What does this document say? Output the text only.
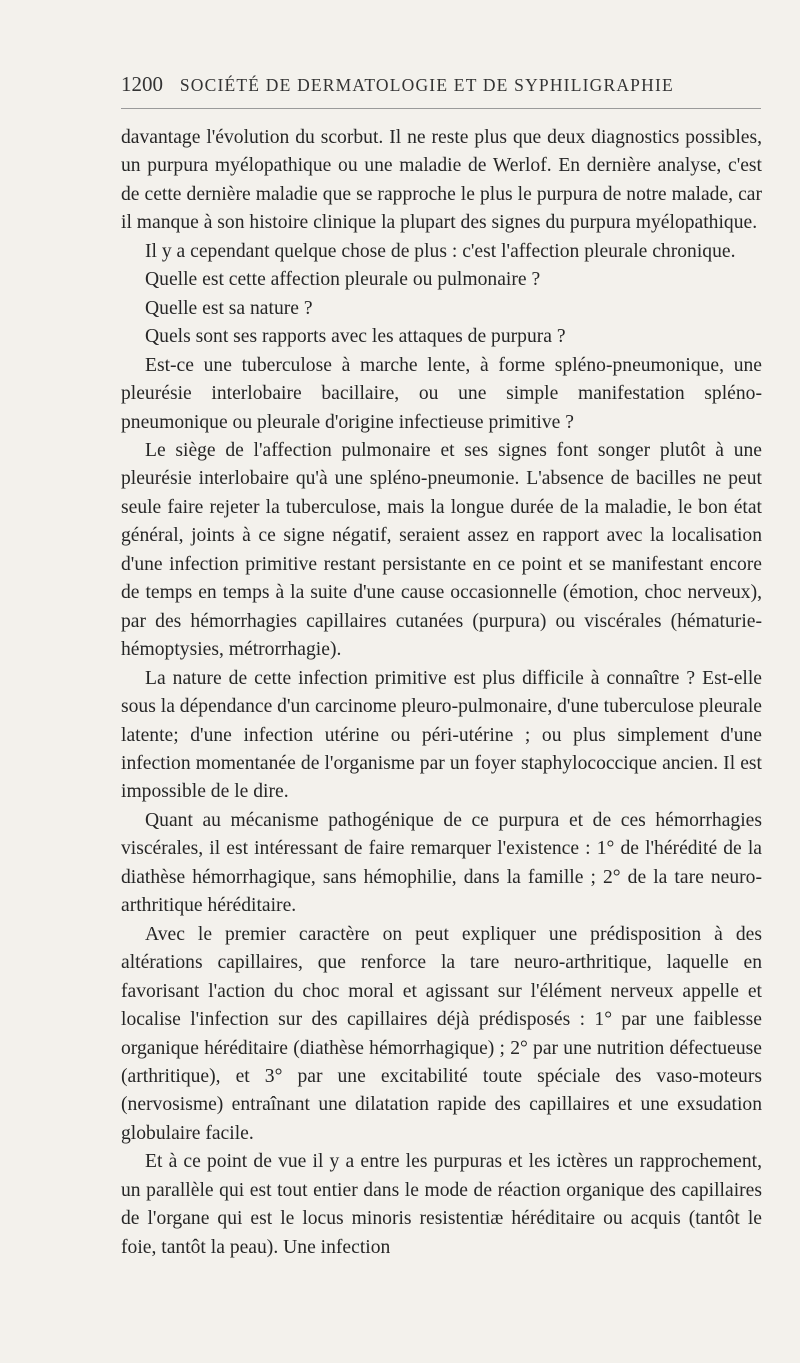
1200 SOCIÉTÉ DE DERMATOLOGIE ET DE SYPHILIGRAPHIE

davantage l'évolution du scorbut. Il ne reste plus que deux diagnostics possibles, un purpura myélopathique ou une maladie de Werlof. En dernière analyse, c'est de cette dernière maladie que se rapproche le plus le purpura de notre malade, car il manque à son histoire clinique la plupart des signes du purpura myélopathique.

Il y a cependant quelque chose de plus : c'est l'affection pleurale chronique.

Quelle est cette affection pleurale ou pulmonaire ?

Quelle est sa nature ?

Quels sont ses rapports avec les attaques de purpura ?

Est-ce une tuberculose à marche lente, à forme spléno-pneumonique, une pleurésie interlobaire bacillaire, ou une simple manifestation spléno-pneumonique ou pleurale d'origine infectieuse primitive ?

Le siège de l'affection pulmonaire et ses signes font songer plutôt à une pleurésie interlobaire qu'à une spléno-pneumonie. L'absence de bacilles ne peut seule faire rejeter la tuberculose, mais la longue durée de la maladie, le bon état général, joints à ce signe négatif, seraient assez en rapport avec la localisation d'une infection primitive restant persistante en ce point et se manifestant encore de temps en temps à la suite d'une cause occasionnelle (émotion, choc nerveux), par des hémorrhagies capillaires cutanées (purpura) ou viscérales (hématurie-hémoptysies, métrorrhagie).

La nature de cette infection primitive est plus difficile à connaître ? Est-elle sous la dépendance d'un carcinome pleuro-pulmonaire, d'une tuberculose pleurale latente; d'une infection utérine ou péri-utérine ; ou plus simplement d'une infection momentanée de l'organisme par un foyer staphylococcique ancien. Il est impossible de le dire.

Quant au mécanisme pathogénique de ce purpura et de ces hémorrhagies viscérales, il est intéressant de faire remarquer l'existence : 1° de l'hérédité de la diathèse hémorrhagique, sans hémophilie, dans la famille ; 2° de la tare neuro-arthritique héréditaire.

Avec le premier caractère on peut expliquer une prédisposition à des altérations capillaires, que renforce la tare neuro-arthritique, laquelle en favorisant l'action du choc moral et agissant sur l'élément nerveux appelle et localise l'infection sur des capillaires déjà prédisposés : 1° par une faiblesse organique héréditaire (diathèse hémorrhagique) ; 2° par une nutrition défectueuse (arthritique), et 3° par une excitabilité toute spéciale des vaso-moteurs (nervosisme) entraînant une dilatation rapide des capillaires et une exsudation globulaire facile.

Et à ce point de vue il y a entre les purpuras et les ictères un rapprochement, un parallèle qui est tout entier dans le mode de réaction organique des capillaires de l'organe qui est le locus minoris resistentiæ héréditaire ou acquis (tantôt le foie, tantôt la peau). Une infection
